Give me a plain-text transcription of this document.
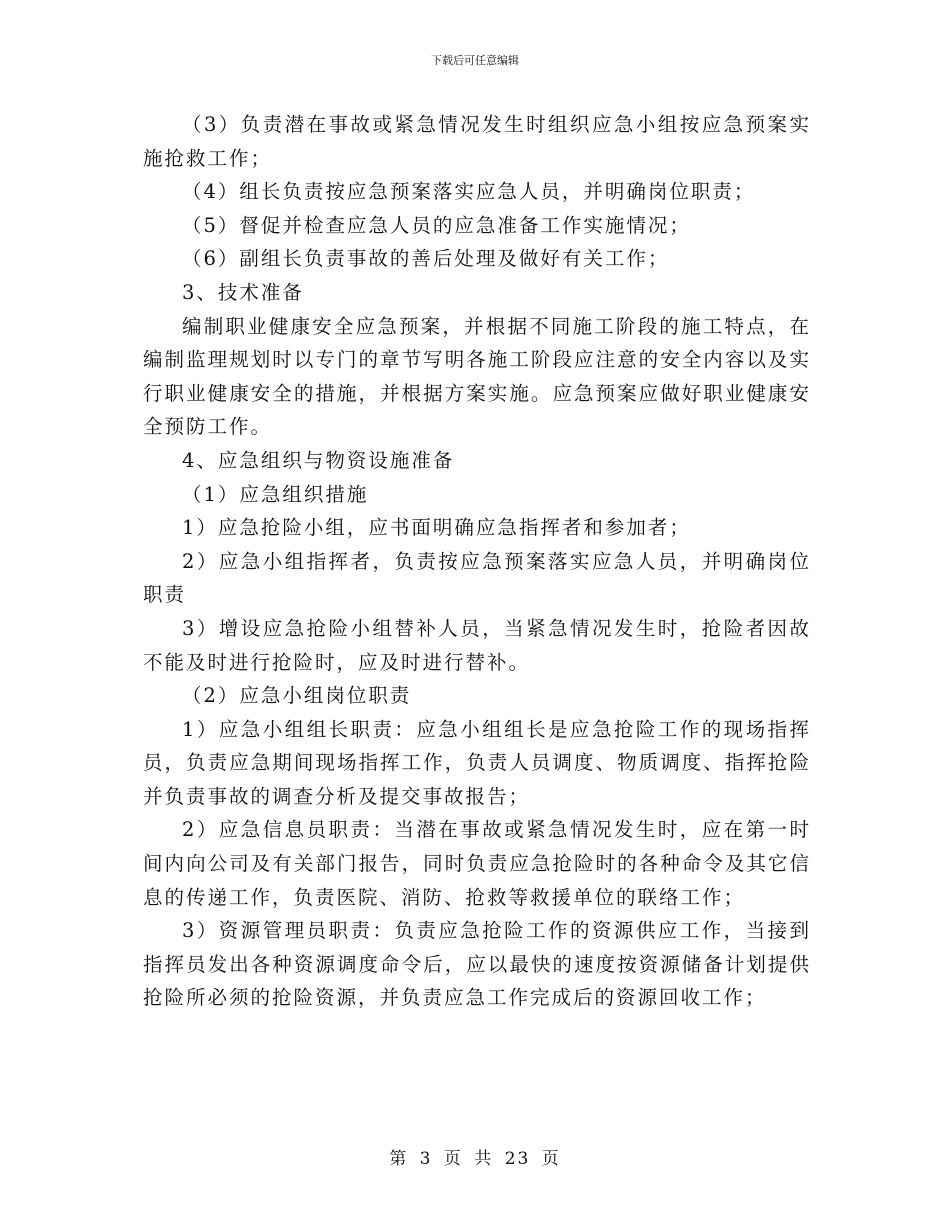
下载后可任意编辑

（3）负责潜在事故或紧急情况发生时组织应急小组按应急预案实施抢救工作；

（4）组长负责按应急预案落实应急人员，并明确岗位职责；

（5）督促并检查应急人员的应急准备工作实施情况；

（6）副组长负责事故的善后处理及做好有关工作；

3、技术准备

编制职业健康安全应急预案，并根据不同施工阶段的施工特点，在编制监理规划时以专门的章节写明各施工阶段应注意的安全内容以及实行职业健康安全的措施，并根据方案实施。应急预案应做好职业健康安全预防工作。

4、应急组织与物资设施准备

（1）应急组织措施

1）应急抢险小组，应书面明确应急指挥者和参加者；

2）应急小组指挥者，负责按应急预案落实应急人员，并明确岗位职责

3）增设应急抢险小组替补人员，当紧急情况发生时，抢险者因故不能及时进行抢险时，应及时进行替补。

（2）应急小组岗位职责

1）应急小组组长职责：应急小组组长是应急抢险工作的现场指挥员，负责应急期间现场指挥工作，负责人员调度、物质调度、指挥抢险并负责事故的调查分析及提交事故报告；

2）应急信息员职责：当潜在事故或紧急情况发生时，应在第一时间内向公司及有关部门报告，同时负责应急抢险时的各种命令及其它信息的传递工作，负责医院、消防、抢救等救援单位的联络工作；

3）资源管理员职责：负责应急抢险工作的资源供应工作，当接到指挥员发出各种资源调度命令后，应以最快的速度按资源储备计划提供抢险所必须的抢险资源，并负责应急工作完成后的资源回收工作；

第 3 页 共 23 页
